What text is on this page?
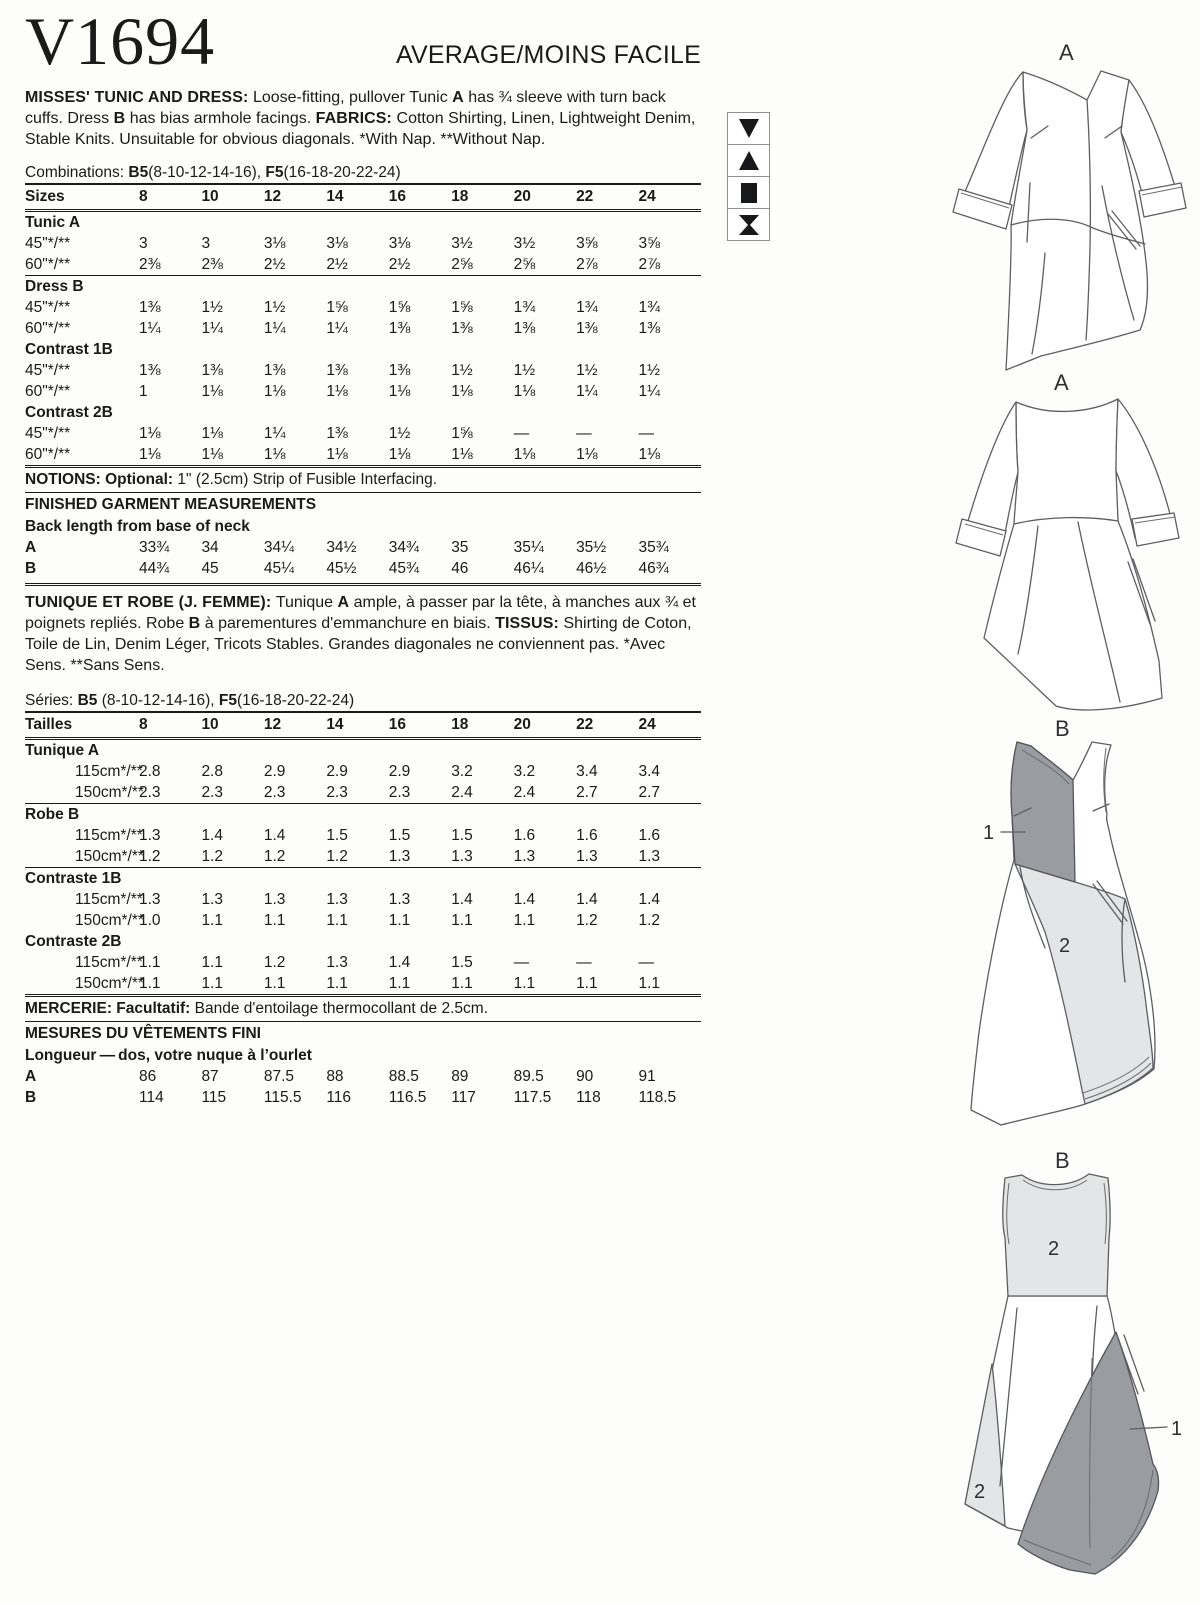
V1694	AVERAGE/MOINS FACILE
MISSES' TUNIC AND DRESS: Loose-fitting, pullover Tunic A has ¾ sleeve with turn back cuffs. Dress B has bias armhole facings. FABRICS: Cotton Shirting, Linen, Lightweight Denim, Stable Knits. Unsuitable for obvious diagonals. *With Nap. **Without Nap.
Combinations: B5(8-10-12-14-16), F5(16-18-20-22-24)
Sizes	8	10	12	14	16	18	20	22	24
Tunic A									
45"*/**	3	3	3⅛	3⅛	3⅛	3½	3½	3⅝	3⅝
60"*/**	2⅜	2⅜	2½	2½	2½	2⅝	2⅝	2⅞	2⅞
Dress B									
45"*/**	1⅜	1½	1½	1⅝	1⅝	1⅝	1¾	1¾	1¾
60"*/**	1¼	1¼	1¼	1¼	1⅜	1⅜	1⅜	1⅜	1⅜
Contrast 1B									
45"*/**	1⅜	1⅜	1⅜	1⅜	1⅜	1½	1½	1½	1½
60"*/**	1	1⅛	1⅛	1⅛	1⅛	1⅛	1⅛	1¼	1¼
Contrast 2B									
45"*/**	1⅛	1⅛	1¼	1⅜	1½	1⅝	—	—	—
60"*/**	1⅛	1⅛	1⅛	1⅛	1⅛	1⅛	1⅛	1⅛	1⅛
NOTIONS: Optional: 1" (2.5cm) Strip of Fusible Interfacing.
FINISHED GARMENT MEASUREMENTS
Back length from base of neck
A	33¾	34	34¼	34½	34¾	35	35¼	35½	35¾
B	44¾	45	45¼	45½	45¾	46	46¼	46½	46¾
TUNIQUE ET ROBE (J. FEMME): Tunique A ample, à passer par la tête, à manches aux ¾ et poignets repliés. Robe B à parementures d'emmanchure en biais. TISSUS: Shirting de Coton, Toile de Lin, Denim Léger, Tricots Stables. Grandes diagonales ne conviennent pas. *Avec Sens. **Sans Sens.
Séries: B5 (8-10-12-14-16), F5(16-18-20-22-24)
Tailles	8	10	12	14	16	18	20	22	24
Tunique A									
115cm*/**	2.8	2.8	2.9	2.9	2.9	3.2	3.2	3.4	3.4
150cm*/**	2.3	2.3	2.3	2.3	2.3	2.4	2.4	2.7	2.7
Robe B									
115cm*/**	1.3	1.4	1.4	1.5	1.5	1.5	1.6	1.6	1.6
150cm*/**	1.2	1.2	1.2	1.2	1.3	1.3	1.3	1.3	1.3
Contraste 1B									
115cm*/**	1.3	1.3	1.3	1.3	1.3	1.4	1.4	1.4	1.4
150cm*/**	1.0	1.1	1.1	1.1	1.1	1.1	1.1	1.2	1.2
Contraste 2B									
115cm*/**	1.1	1.1	1.2	1.3	1.4	1.5	—	—	—
150cm*/**	1.1	1.1	1.1	1.1	1.1	1.1	1.1	1.1	1.1
MERCERIE: Facultatif: Bande d'entoilage thermocollant de 2.5cm.
MESURES DU VÊTEMENTS FINI
Longueur — dos, votre nuque à l’ourlet
A	86	87	87.5	88	88.5	89	89.5	90	91
B	114	115	115.5	116	116.5	117	117.5	118	118.5
A
A
B
1
2
B
1
2
2
